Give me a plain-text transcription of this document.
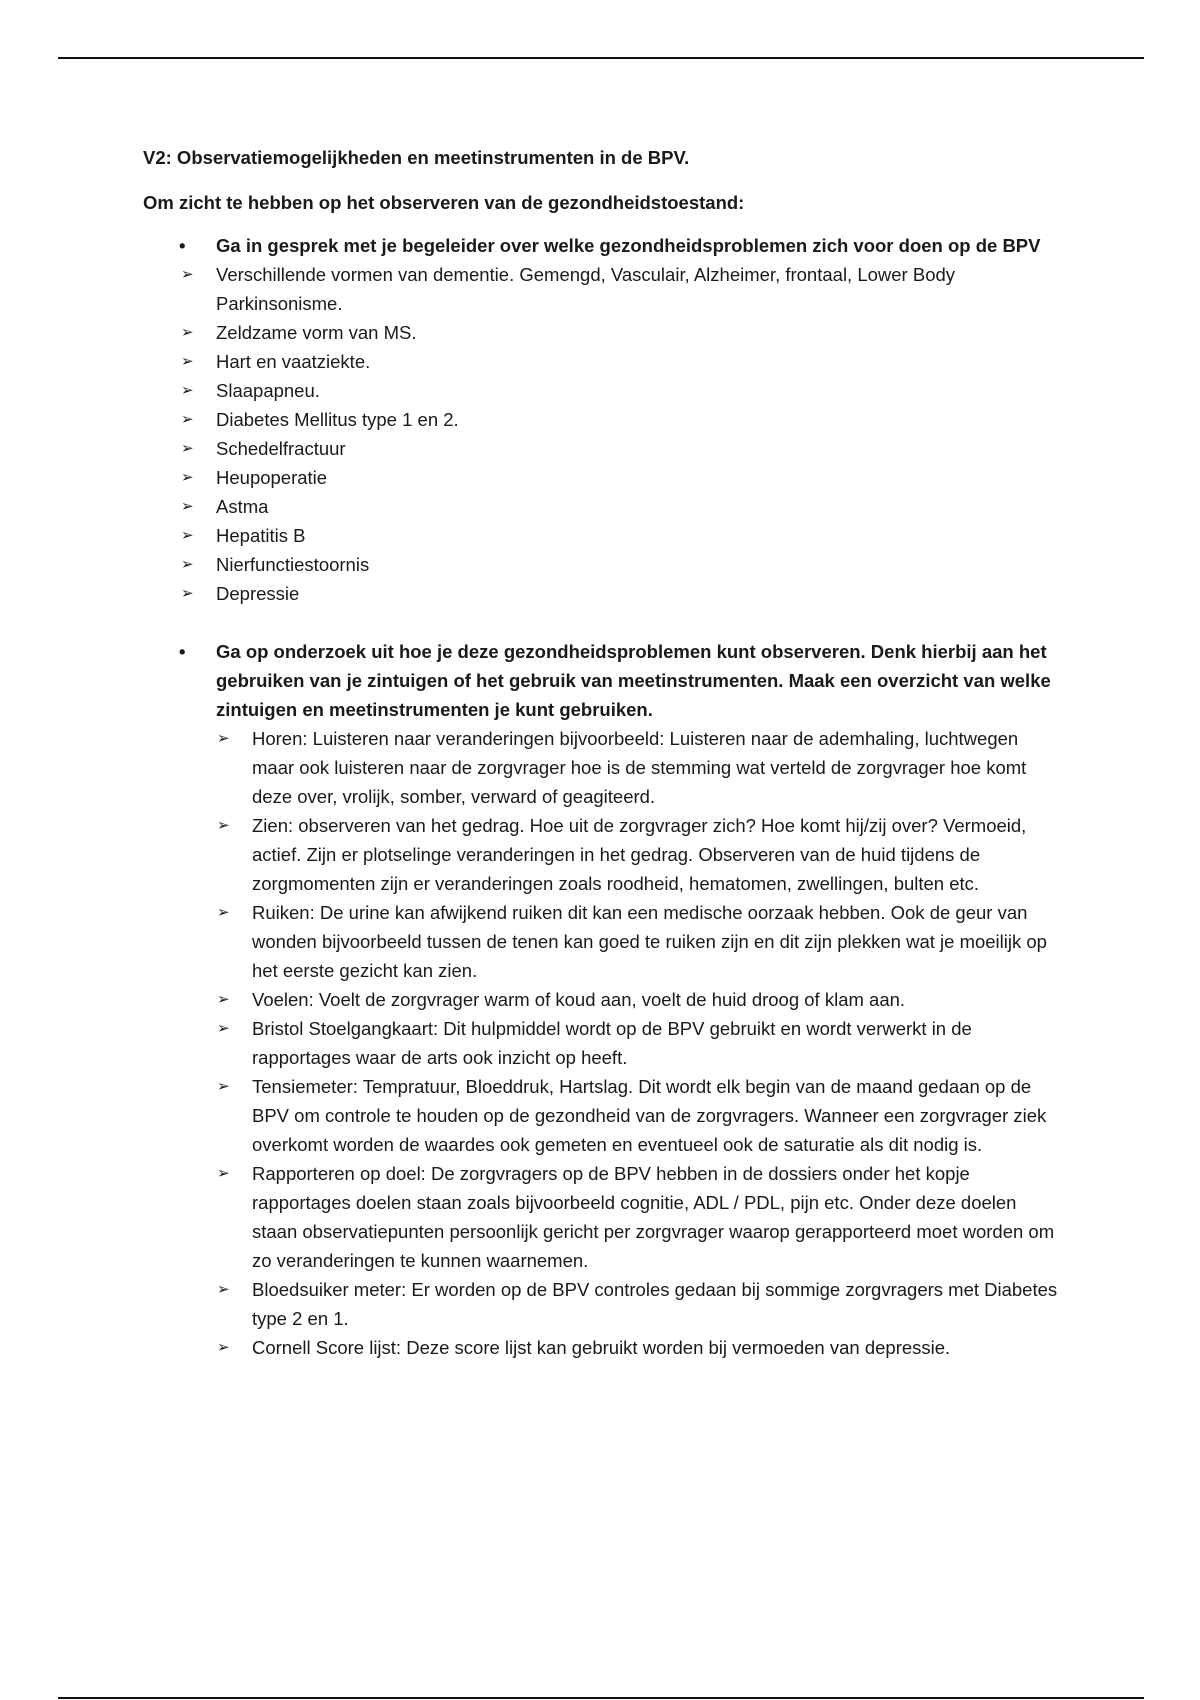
V2: Observatiemogelijkheden en meetinstrumenten in de BPV.

Om zicht te hebben op het observeren van de gezondheidstoestand:

• Ga in gesprek met je begeleider over welke gezondheidsproblemen zich voor doen op de BPV

➢ Verschillende vormen van dementie. Gemengd, Vasculair, Alzheimer, frontaal, Lower Body Parkinsonisme.
➢ Zeldzame vorm van MS.
➢ Hart en vaatziekte.
➢ Slaapapneu.
➢ Diabetes Mellitus type 1 en 2.
➢ Schedelfractuur
➢ Heupoperatie
➢ Astma
➢ Hepatitis B
➢ Nierfunctiestoornis
➢ Depressie
• Ga op onderzoek uit hoe je deze gezondheidsproblemen kunt observeren. Denk hierbij aan het gebruiken van je zintuigen of het gebruik van meetinstrumenten. Maak een overzicht van welke zintuigen en meetinstrumenten je kunt gebruiken.

➢ Horen: Luisteren naar veranderingen bijvoorbeeld: Luisteren naar de ademhaling, luchtwegen maar ook luisteren naar de zorgvrager hoe is de stemming wat verteld de zorgvrager hoe komt deze over, vrolijk, somber, verward of geagiteerd.
➢ Zien: observeren van het gedrag. Hoe uit de zorgvrager zich? Hoe komt hij/zij over? Vermoeid, actief. Zijn er plotselinge veranderingen in het gedrag. Observeren van de huid tijdens de zorgmomenten zijn er veranderingen zoals roodheid, hematomen, zwellingen, bulten etc.
➢ Ruiken: De urine kan afwijkend ruiken dit kan een medische oorzaak hebben. Ook de geur van wonden bijvoorbeeld tussen de tenen kan goed te ruiken zijn en dit zijn plekken wat je moeilijk op het eerste gezicht kan zien.
➢ Voelen: Voelt de zorgvrager warm of koud aan, voelt de huid droog of klam aan.
➢ Bristol Stoelgangkaart: Dit hulpmiddel wordt op de BPV gebruikt en wordt verwerkt in de rapportages waar de arts ook inzicht op heeft.
➢ Tensiemeter: Tempratuur, Bloeddruk, Hartslag. Dit wordt elk begin van de maand gedaan op de BPV om controle te houden op de gezondheid van de zorgvragers. Wanneer een zorgvrager ziek overkomt worden de waardes ook gemeten en eventueel ook de saturatie als dit nodig is.
➢ Rapporteren op doel: De zorgvragers op de BPV hebben in de dossiers onder het kopje rapportages doelen staan zoals bijvoorbeeld cognitie, ADL / PDL, pijn etc. Onder deze doelen staan observatiepunten persoonlijk gericht per zorgvrager waarop gerapporteerd moet worden om zo veranderingen te kunnen waarnemen.
➢ Bloedsuiker meter: Er worden op de BPV controles gedaan bij sommige zorgvragers met Diabetes type 2 en 1.
➢ Cornell Score lijst: Deze score lijst kan gebruikt worden bij vermoeden van depressie.
